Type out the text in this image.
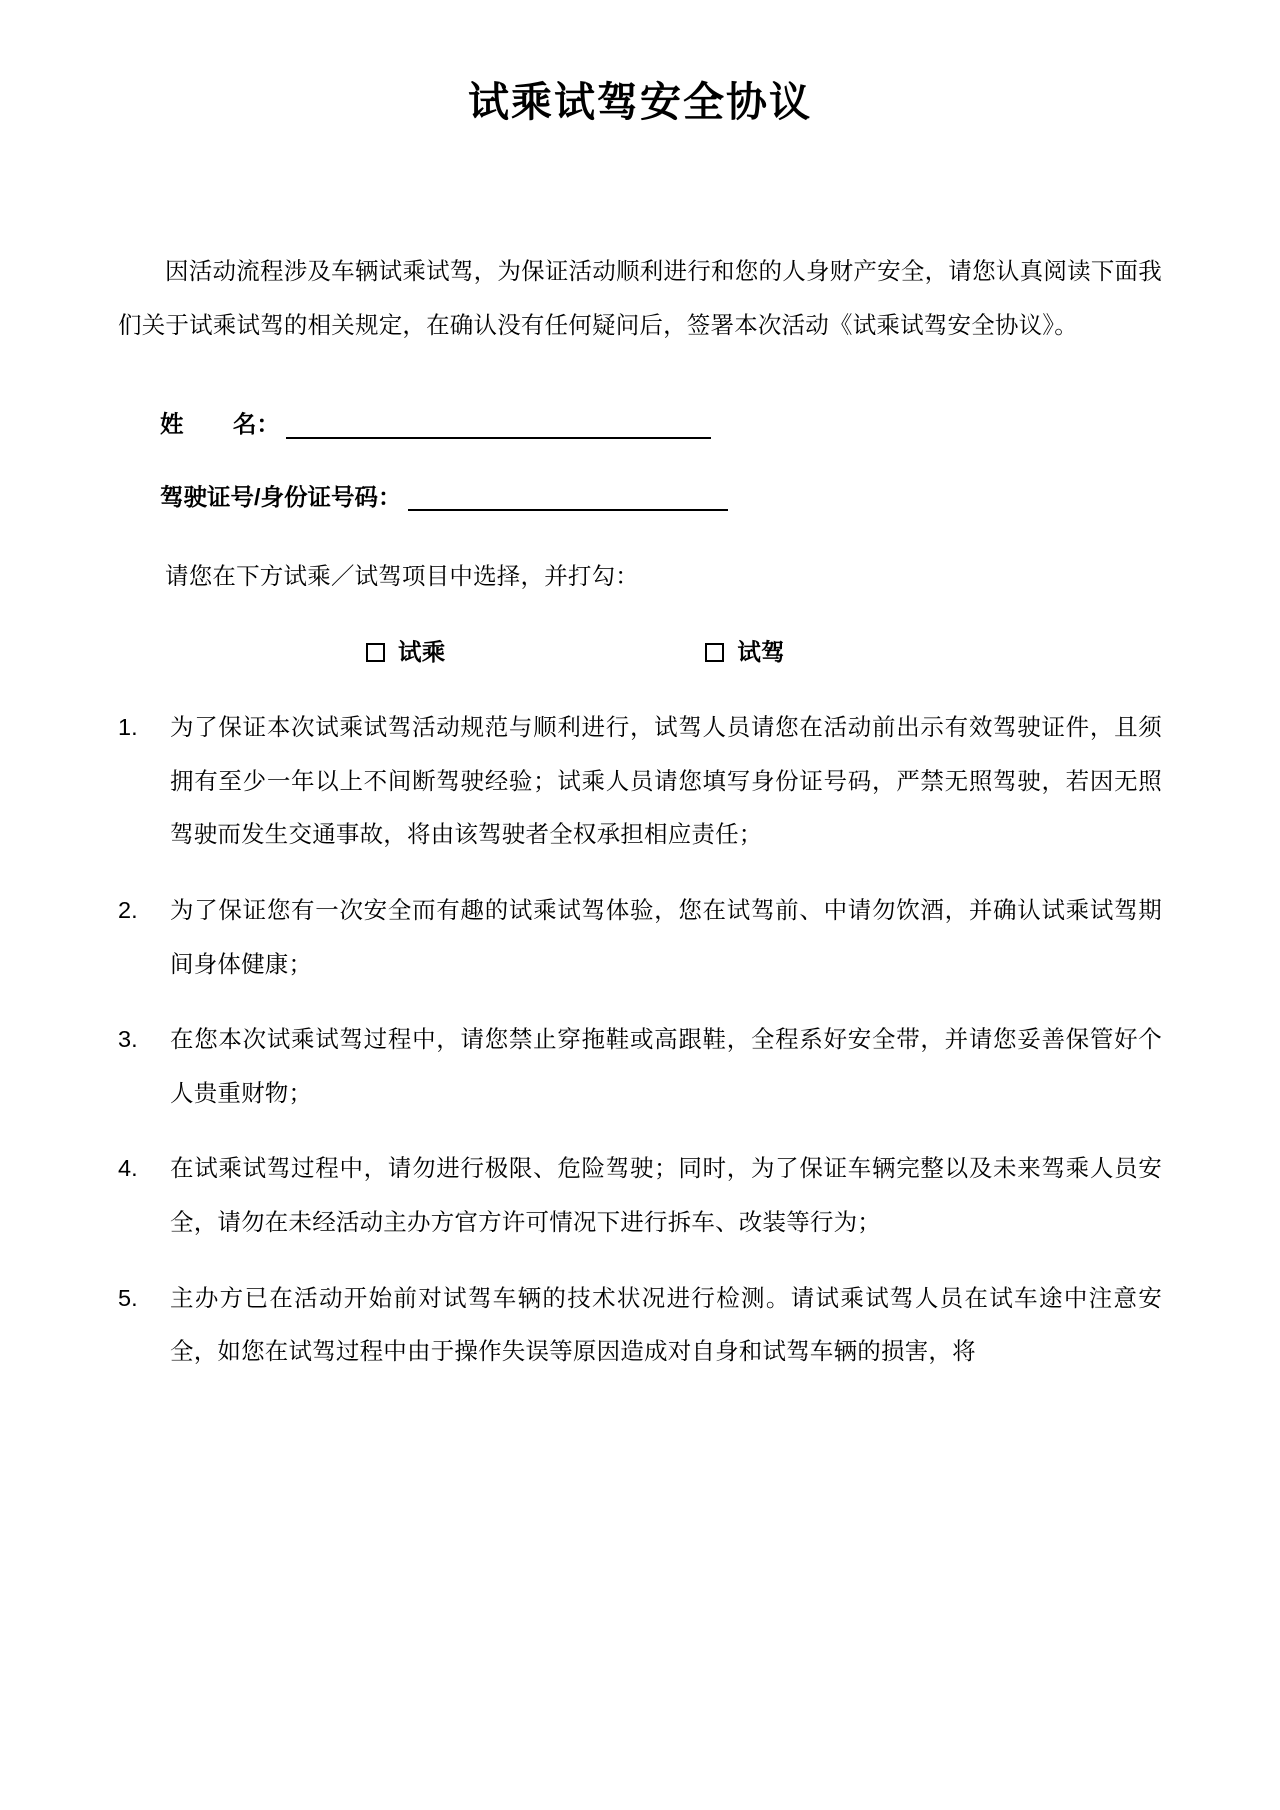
试乘试驾安全协议

因活动流程涉及车辆试乘试驾，为保证活动顺利进行和您的人身财产安全，请您认真阅读下面我们关于试乘试驾的相关规定，在确认没有任何疑问后，签署本次活动《试乘试驾安全协议》。

姓 名：
驾驶证号/身份证号码：

请您在下方试乘／试驾项目中选择，并打勾：

试乘	试驾
1.	为了保证本次试乘试驾活动规范与顺利进行，试驾人员请您在活动前出示有效驾驶证件，且须拥有至少一年以上不间断驾驶经验；试乘人员请您填写身份证号码，严禁无照驾驶，若因无照驾驶而发生交通事故，将由该驾驶者全权承担相应责任；
2.	为了保证您有一次安全而有趣的试乘试驾体验，您在试驾前、中请勿饮酒，并确认试乘试驾期间身体健康；
3.	在您本次试乘试驾过程中，请您禁止穿拖鞋或高跟鞋，全程系好安全带，并请您妥善保管好个人贵重财物；
4.	在试乘试驾过程中，请勿进行极限、危险驾驶；同时，为了保证车辆完整以及未来驾乘人员安全，请勿在未经活动主办方官方许可情况下进行拆车、改装等行为；
5.	主办方已在活动开始前对试驾车辆的技术状况进行检测。请试乘试驾人员在试车途中注意安全，如您在试驾过程中由于操作失误等原因造成对自身和试驾车辆的损害，将
